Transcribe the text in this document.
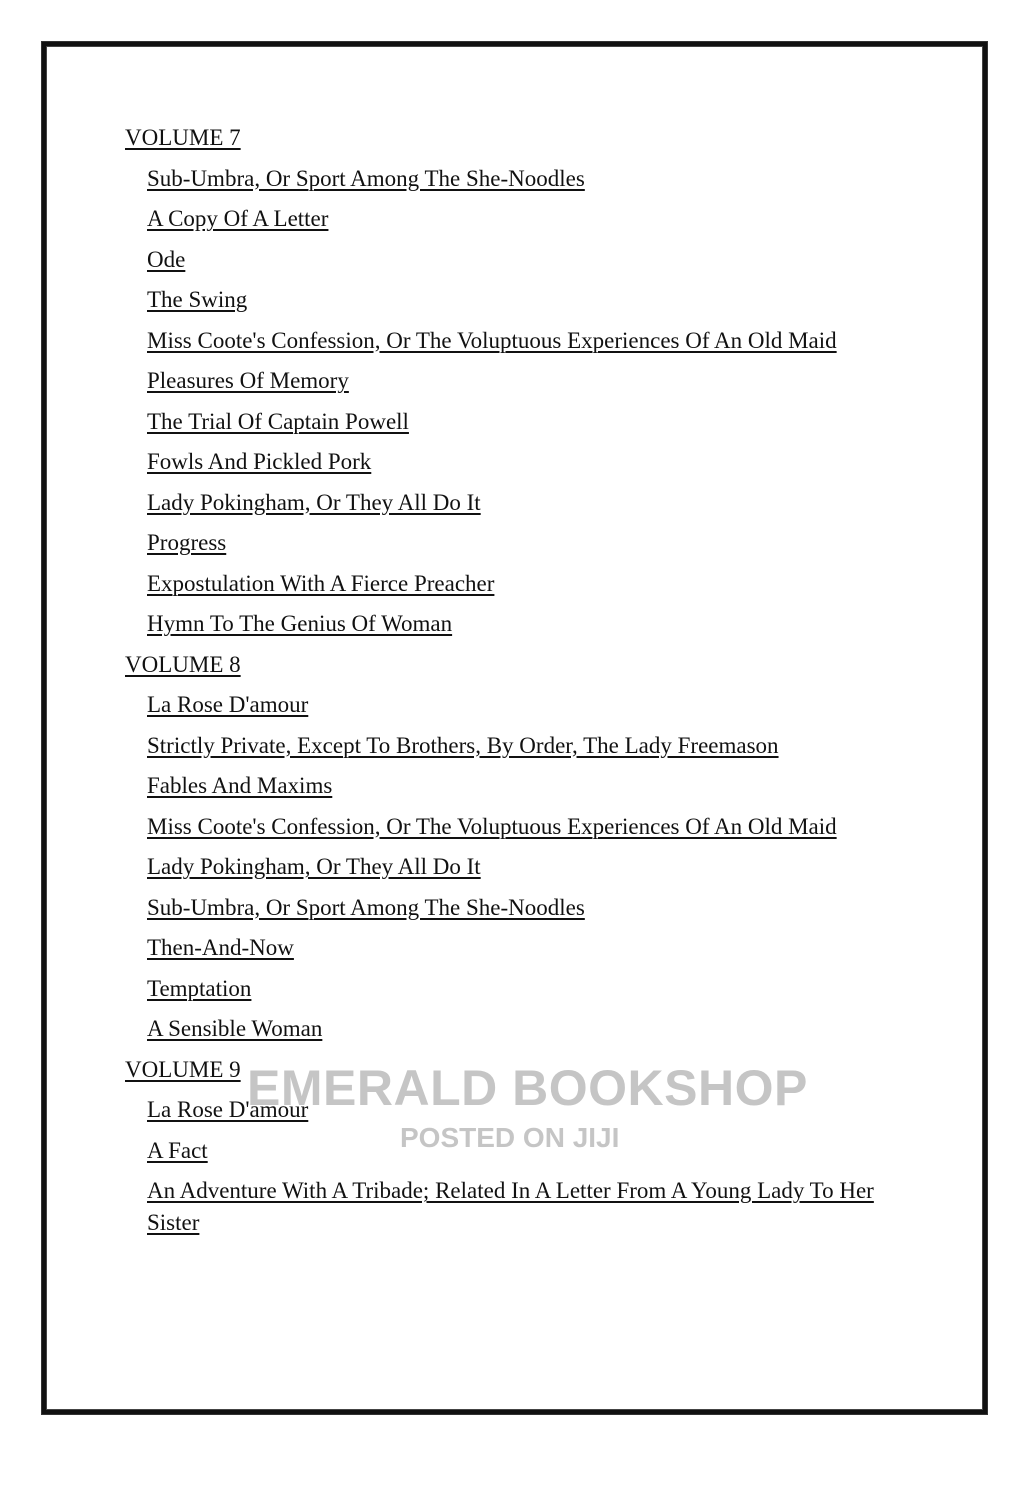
VOLUME 7
Sub-Umbra, Or Sport Among The She-Noodles
A Copy Of A Letter
Ode
The Swing
Miss Coote's Confession, Or The Voluptuous Experiences Of An Old Maid
Pleasures Of Memory
The Trial Of Captain Powell
Fowls And Pickled Pork
Lady Pokingham, Or They All Do It
Progress
Expostulation With A Fierce Preacher
Hymn To The Genius Of Woman
VOLUME 8
La Rose D'amour
Strictly Private, Except To Brothers, By Order, The Lady Freemason
Fables And Maxims
Miss Coote's Confession, Or The Voluptuous Experiences Of An Old Maid
Lady Pokingham, Or They All Do It
Sub-Umbra, Or Sport Among The She-Noodles
Then-And-Now
Temptation
A Sensible Woman
VOLUME 9
La Rose D'amour
A Fact
An Adventure With A Tribade; Related In A Letter From A Young Lady To Her Sister
EMERALD BOOKSHOP
POSTED ON JIJI
